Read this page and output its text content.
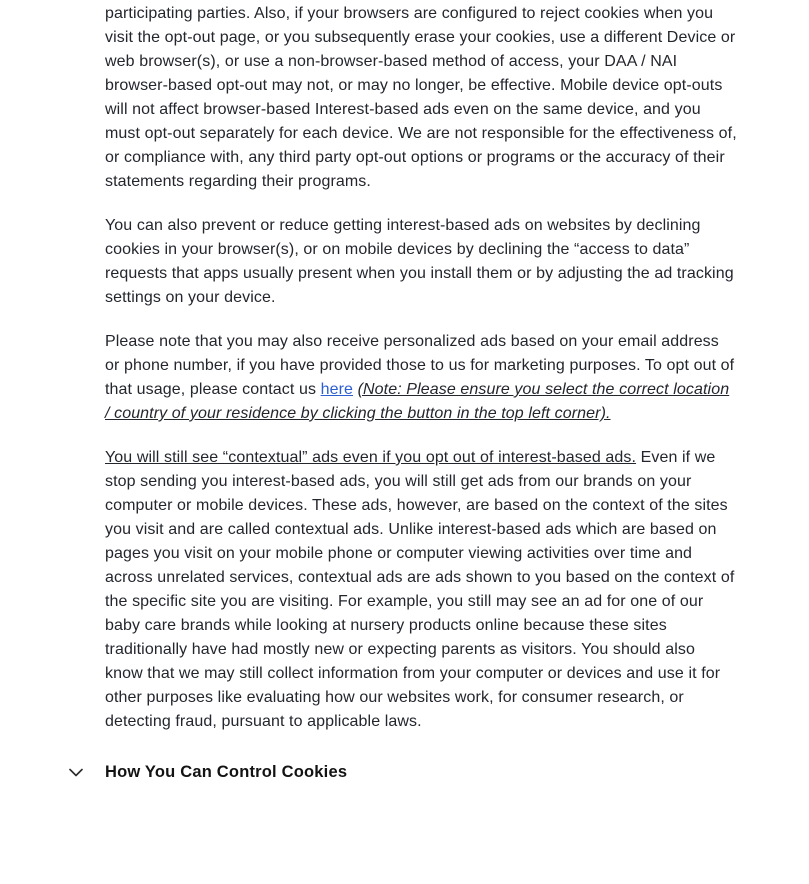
participating parties. Also, if your browsers are configured to reject cookies when you visit the opt-out page, or you subsequently erase your cookies, use a different Device or web browser(s), or use a non-browser-based method of access, your DAA / NAI browser-based opt-out may not, or may no longer, be effective. Mobile device opt-outs will not affect browser-based Interest-based ads even on the same device, and you must opt-out separately for each device. We are not responsible for the effectiveness of, or compliance with, any third party opt-out options or programs or the accuracy of their statements regarding their programs.

You can also prevent or reduce getting interest-based ads on websites by declining cookies in your browser(s), or on mobile devices by declining the “access to data” requests that apps usually present when you install them or by adjusting the ad tracking settings on your device.

Please note that you may also receive personalized ads based on your email address or phone number, if you have provided those to us for marketing purposes. To opt out of that usage, please contact us here (Note: Please ensure you select the correct location / country of your residence by clicking the button in the top left corner).

You will still see “contextual” ads even if you opt out of interest-based ads. Even if we stop sending you interest-based ads, you will still get ads from our brands on your computer or mobile devices. These ads, however, are based on the context of the sites you visit and are called contextual ads. Unlike interest-based ads which are based on pages you visit on your mobile phone or computer viewing activities over time and across unrelated services, contextual ads are ads shown to you based on the context of the specific site you are visiting. For example, you still may see an ad for one of our baby care brands while looking at nursery products online because these sites traditionally have had mostly new or expecting parents as visitors. You should also know that we may still collect information from your computer or devices and use it for other purposes like evaluating how our websites work, for consumer research, or detecting fraud, pursuant to applicable laws.

How You Can Control Cookies
